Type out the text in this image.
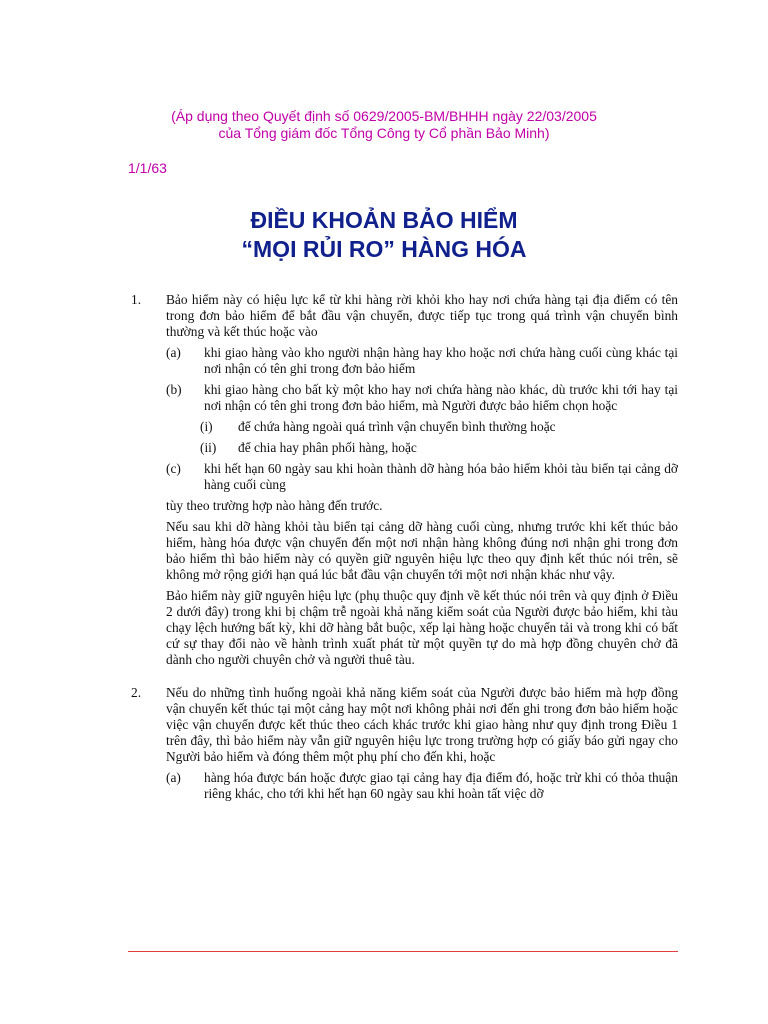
(Áp dụng theo Quyết định số 0629/2005-BM/BHHH ngày 22/03/2005
của Tổng giám đốc Tổng Công ty Cổ phần Bảo Minh)
1/1/63
ĐIỀU KHOẢN BẢO HIỂM
“MỌI RỦI RO” HÀNG HÓA
1. Bảo hiểm này có hiệu lực kể từ khi hàng rời khỏi kho hay nơi chứa hàng tại địa điểm có tên trong đơn bảo hiểm để bắt đầu vận chuyển, được tiếp tục trong quá trình vận chuyển bình thường và kết thúc hoặc vào
(a) khi giao hàng vào kho người nhận hàng hay kho hoặc nơi chứa hàng cuối cùng khác tại nơi nhận có tên ghi trong đơn bảo hiểm
(b) khi giao hàng cho bất kỳ một kho hay nơi chứa hàng nào khác, dù trước khi tới hay tại nơi nhận có tên ghi trong đơn bảo hiểm, mà Người được bảo hiểm chọn hoặc
(i) để chứa hàng ngoài quá trình vận chuyển bình thường hoặc
(ii) để chia hay phân phối hàng, hoặc
(c) khi hết hạn 60 ngày sau khi hoàn thành dỡ hàng hóa bảo hiểm khỏi tàu biển tại cảng dỡ hàng cuối cùng
tùy theo trường hợp nào hàng đến trước.
Nếu sau khi dỡ hàng khỏi tàu biển tại cảng dỡ hàng cuối cùng, nhưng trước khi kết thúc bảo hiểm, hàng hóa được vận chuyển đến một nơi nhận hàng không đúng nơi nhận ghi trong đơn bảo hiểm thì bảo hiểm này có quyền giữ nguyên hiệu lực theo quy định kết thúc nói trên, sẽ không mở rộng giới hạn quá lúc bắt đầu vận chuyển tới một nơi nhận khác như vậy.
Bảo hiểm này giữ nguyên hiệu lực (phụ thuộc quy định về kết thúc nói trên và quy định ở Điều 2 dưới đây) trong khi bị chậm trễ ngoài khả năng kiểm soát của Người được bảo hiểm, khi tàu chạy lệch hướng bất kỳ, khi dỡ hàng bắt buộc, xếp lại hàng hoặc chuyển tải và trong khi có bất cứ sự thay đổi nào về hành trình xuất phát từ một quyền tự do mà hợp đồng chuyên chở đã dành cho người chuyên chở và người thuê tàu.
2. Nếu do những tình huống ngoài khả năng kiểm soát của Người được bảo hiểm mà hợp đồng vận chuyển kết thúc tại một cảng hay một nơi không phải nơi đến ghi trong đơn bảo hiểm hoặc việc vận chuyển được kết thúc theo cách khác trước khi giao hàng như quy định trong Điều 1 trên đây, thì bảo hiểm này vẫn giữ nguyên hiệu lực trong trường hợp có giấy báo gửi ngay cho Người bảo hiểm và đóng thêm một phụ phí cho đến khi, hoặc
(a) hàng hóa được bán hoặc được giao tại cảng hay địa điểm đó, hoặc trừ khi có thỏa thuận riêng khác, cho tới khi hết hạn 60 ngày sau khi hoàn tất việc dỡ
